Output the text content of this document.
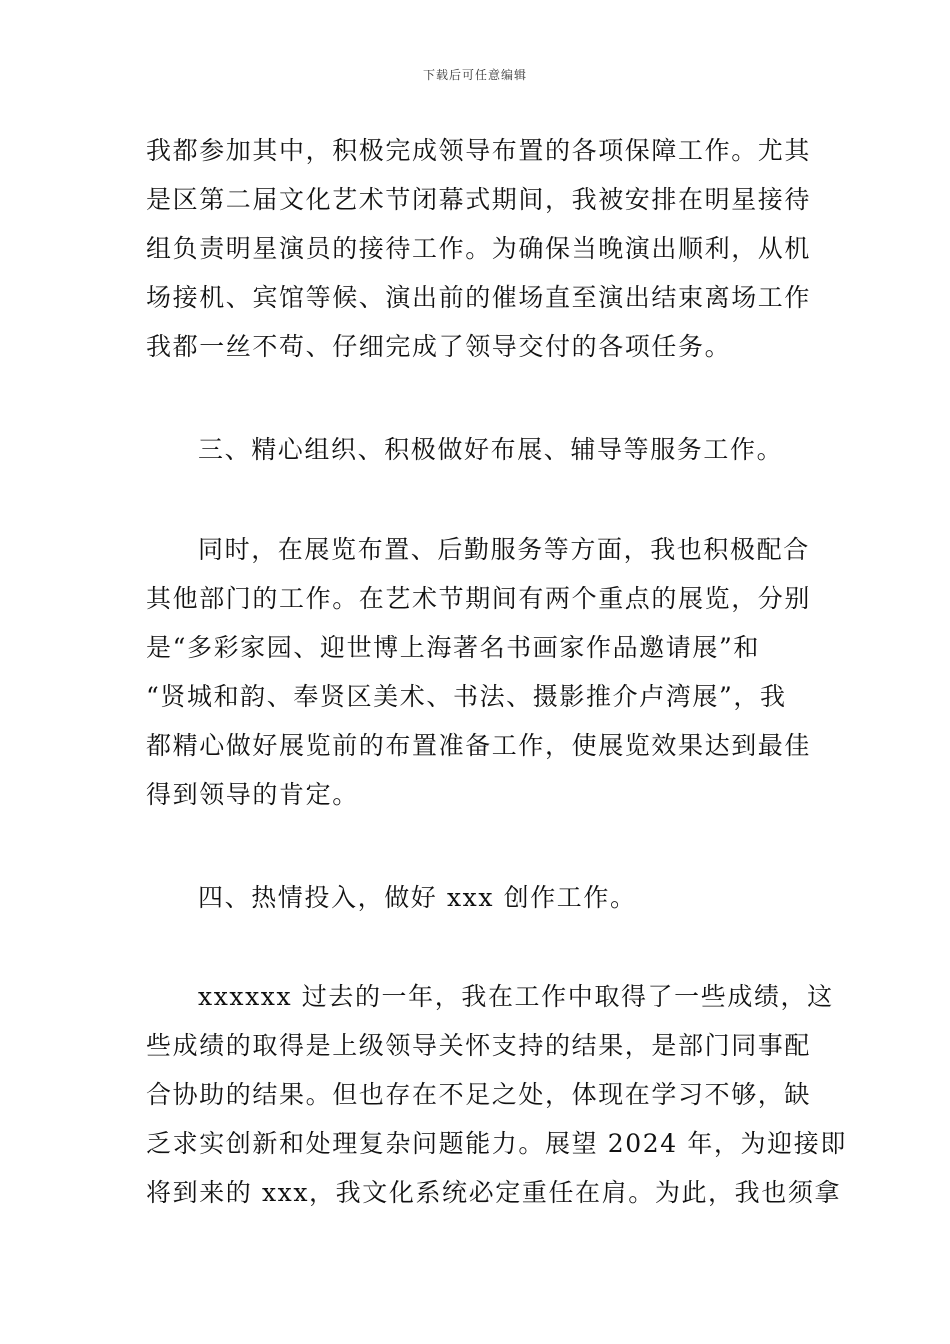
下载后可任意编辑
我都参加其中，积极完成领导布置的各项保障工作。尤其
是区第二届文化艺术节闭幕式期间，我被安排在明星接待
组负责明星演员的接待工作。为确保当晚演出顺利，从机
场接机、宾馆等候、演出前的催场直至演出结束离场工作
我都一丝不苟、仔细完成了领导交付的各项任务。
三、精心组织、积极做好布展、辅导等服务工作。
同时，在展览布置、后勤服务等方面，我也积极配合
其他部门的工作。在艺术节期间有两个重点的展览，分别
是“多彩家园、迎世博上海著名书画家作品邀请展”和
“贤城和韵、奉贤区美术、书法、摄影推介卢湾展”，我
都精心做好展览前的布置准备工作，使展览效果达到最佳
得到领导的肯定。
四、热情投入，做好 xxx 创作工作。
xxxxxx 过去的一年，我在工作中取得了一些成绩，这
些成绩的取得是上级领导关怀支持的结果，是部门同事配
合协助的结果。但也存在不足之处，体现在学习不够，缺
乏求实创新和处理复杂问题能力。展望 2024 年，为迎接即
将到来的 xxx，我文化系统必定重任在肩。为此，我也须拿
